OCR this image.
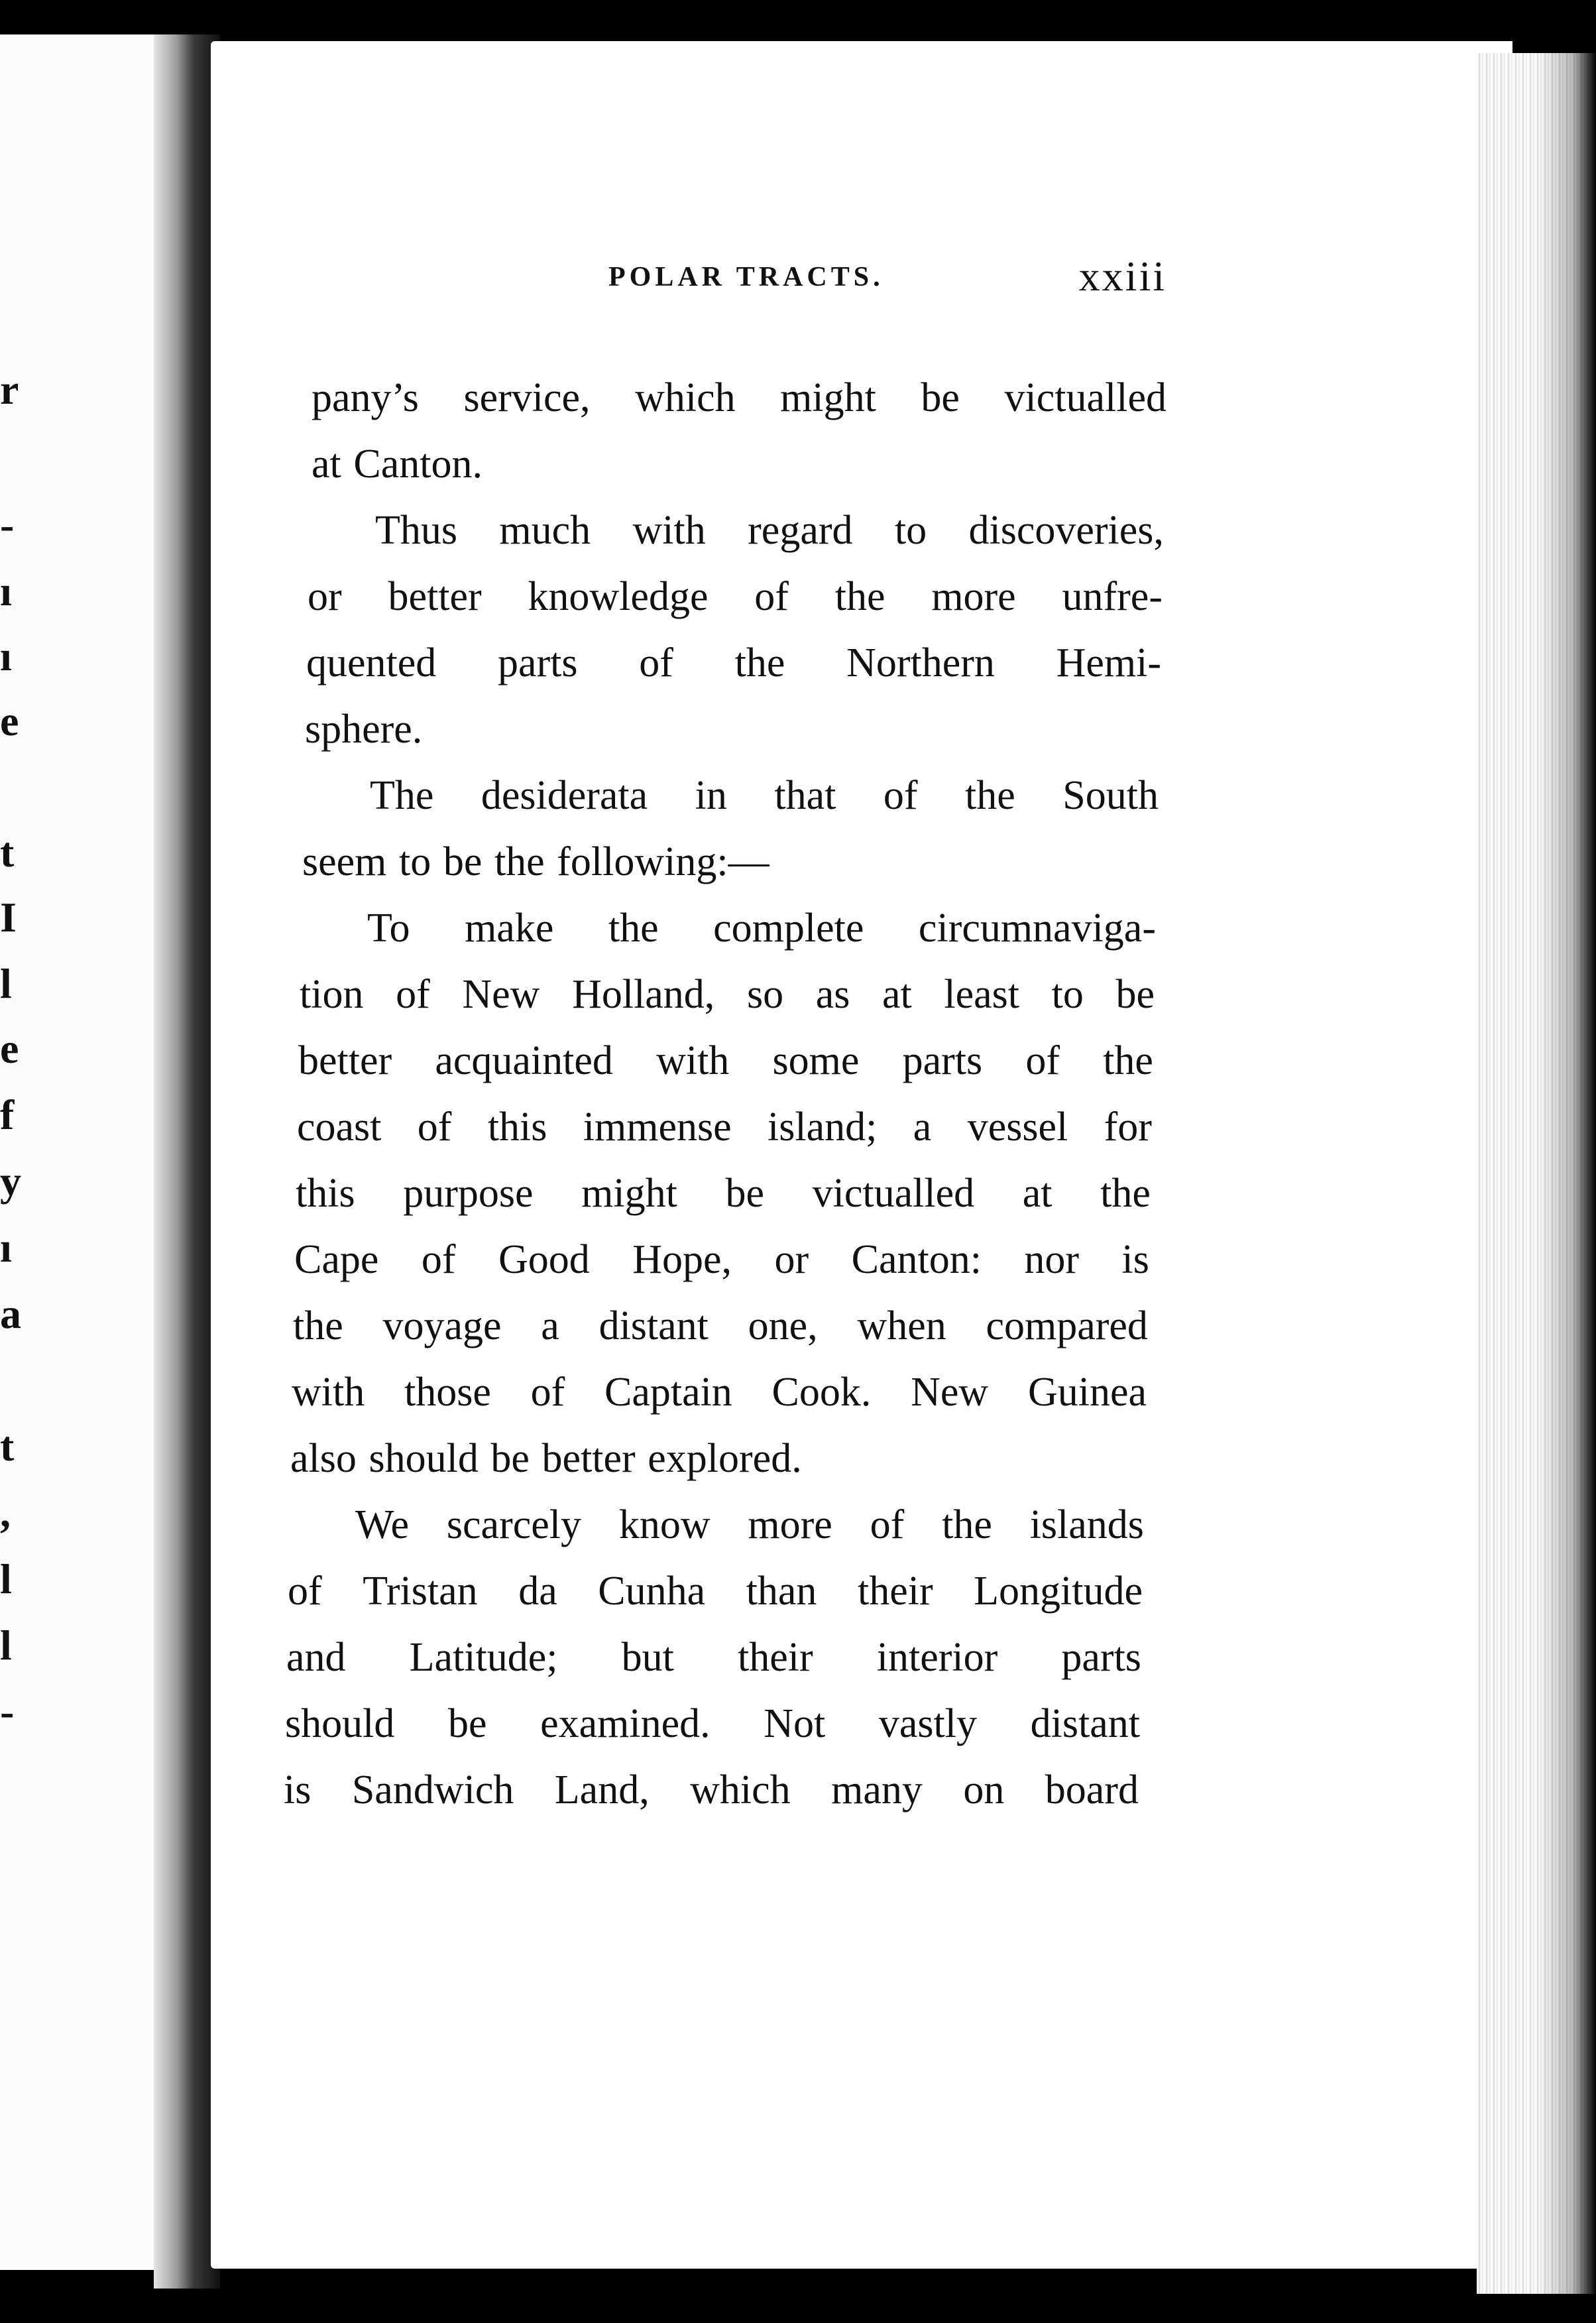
r
-
ı
ı
e
t
I
l
e
f
y
ı
a
t
,
l
l
-
POLAR TRACTS.	xxiii
pany’s service, which might be victualled
at Canton.
Thus much with regard to discoveries,
or better knowledge of the more unfre-
quented parts of the Northern Hemi-
sphere.
The desiderata in that of the South
seem to be the following:—
To make the complete circumnaviga-
tion of New Holland, so as at least to be
better acquainted with some parts of the
coast of this immense island; a vessel for
this purpose might be victualled at the
Cape of Good Hope, or Canton: nor is
the voyage a distant one, when compared
with those of Captain Cook. New Guinea
also should be better explored.
We scarcely know more of the islands
of Tristan da Cunha than their Longitude
and Latitude; but their interior parts
should be examined. Not vastly distant
is Sandwich Land, which many on board
